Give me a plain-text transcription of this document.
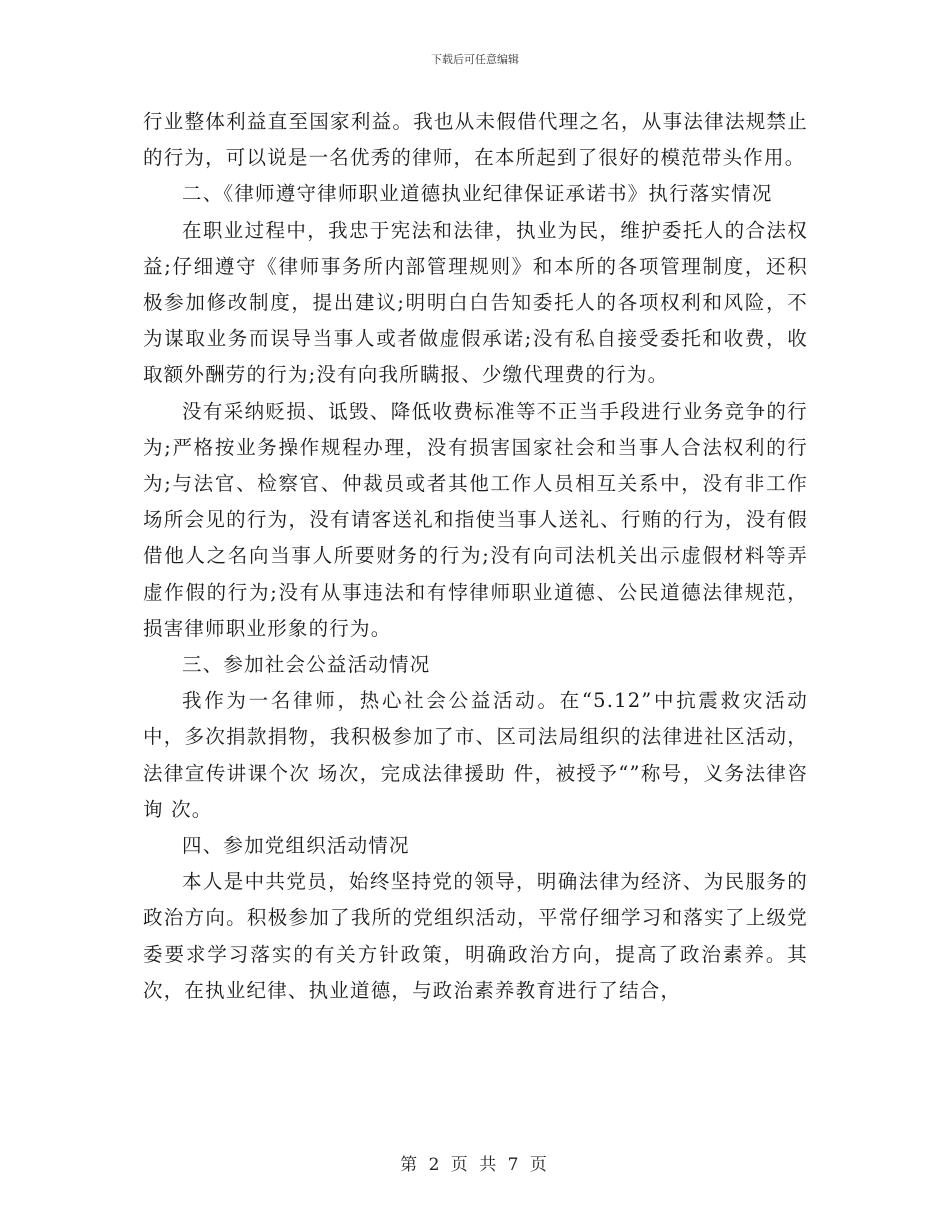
下载后可任意编辑

行业整体利益直至国家利益。我也从未假借代理之名，从事法律法规禁止的行为，可以说是一名优秀的律师，在本所起到了很好的模范带头作用。

二、《律师遵守律师职业道德执业纪律保证承诺书》执行落实情况

在职业过程中，我忠于宪法和法律，执业为民，维护委托人的合法权益;仔细遵守《律师事务所内部管理规则》和本所的各项管理制度，还积极参加修改制度，提出建议;明明白白告知委托人的各项权利和风险，不为谋取业务而误导当事人或者做虚假承诺;没有私自接受委托和收费，收取额外酬劳的行为;没有向我所瞒报、少缴代理费的行为。

没有采纳贬损、诋毁、降低收费标准等不正当手段进行业务竞争的行为;严格按业务操作规程办理，没有损害国家社会和当事人合法权利的行为;与法官、检察官、仲裁员或者其他工作人员相互关系中，没有非工作场所会见的行为，没有请客送礼和指使当事人送礼、行贿的行为，没有假借他人之名向当事人所要财务的行为;没有向司法机关出示虚假材料等弄虚作假的行为;没有从事违法和有悖律师职业道德、公民道德法律规范，损害律师职业形象的行为。

三、参加社会公益活动情况

我作为一名律师，热心社会公益活动。在“5.12”中抗震救灾活动中，多次捐款捐物，我积极参加了市、区司法局组织的法律进社区活动，法律宣传讲课个次 场次，完成法律援助 件，被授予“”称号，义务法律咨询 次。

四、参加党组织活动情况

本人是中共党员，始终坚持党的领导，明确法律为经济、为民服务的政治方向。积极参加了我所的党组织活动，平常仔细学习和落实了上级党委要求学习落实的有关方针政策，明确政治方向，提高了政治素养。其次，在执业纪律、执业道德，与政治素养教育进行了结合，

第 2 页 共 7 页
